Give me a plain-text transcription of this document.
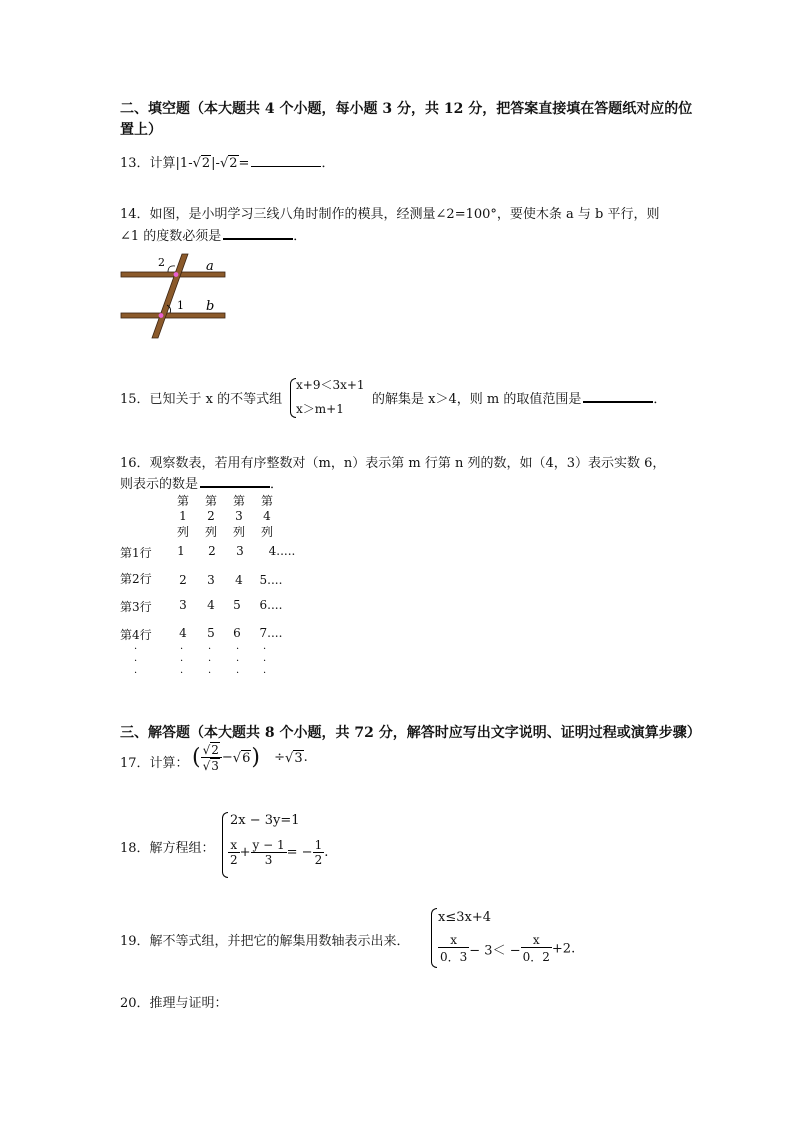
二、填空题（本大题共 4 个小题，每小题 3 分，共 12 分，把答案直接填在答题纸对应的位
置上）
13．计算|1-√2|-√2=	．
14．如图，是小明学习三线八角时制作的模具，经测量∠2=100°，要使木条 a 与 b 平行，则
∠1 的度数必须是	．
2	a
1 b
15．已知关于 x 的不等式组
x+9＜3x+1
x＞m+1
的解集是 x＞4，则 m 的取值范围是	．
16．观察数表，若用有序整数对（m，n）表示第 m 行第 n 列的数，如（4，3）表示实数 6，
则表示的数是	．
第
1
列
第
2
列
第
3
列
第
4
列
第1行	1	2	3	4.....
第2行	2	3	4	5....
第3行	3	4	5	6....
第4行	4	5	6	7....
·
·
·
·
·
·
·
·
·
·
·
·
·
·
·
三、解答题（本大题共 8 个小题，共 72 分，解答时应写出文字说明、证明过程或演算步骤）
17．计算： ( $\frac{√2}{√3} -√6) \div√3$.
18．解方程组：
2x − 3y=1
$\frac{x}{2} + \frac{y - 1}{3}$ = − $\frac{1}{2}$ .
19．解不等式组，并把它的解集用数轴表示出来．
x≤3x+4
$\frac{x}{0.3} - 3< - \frac{x}{0.2} +2$.
20．推理与证明：
